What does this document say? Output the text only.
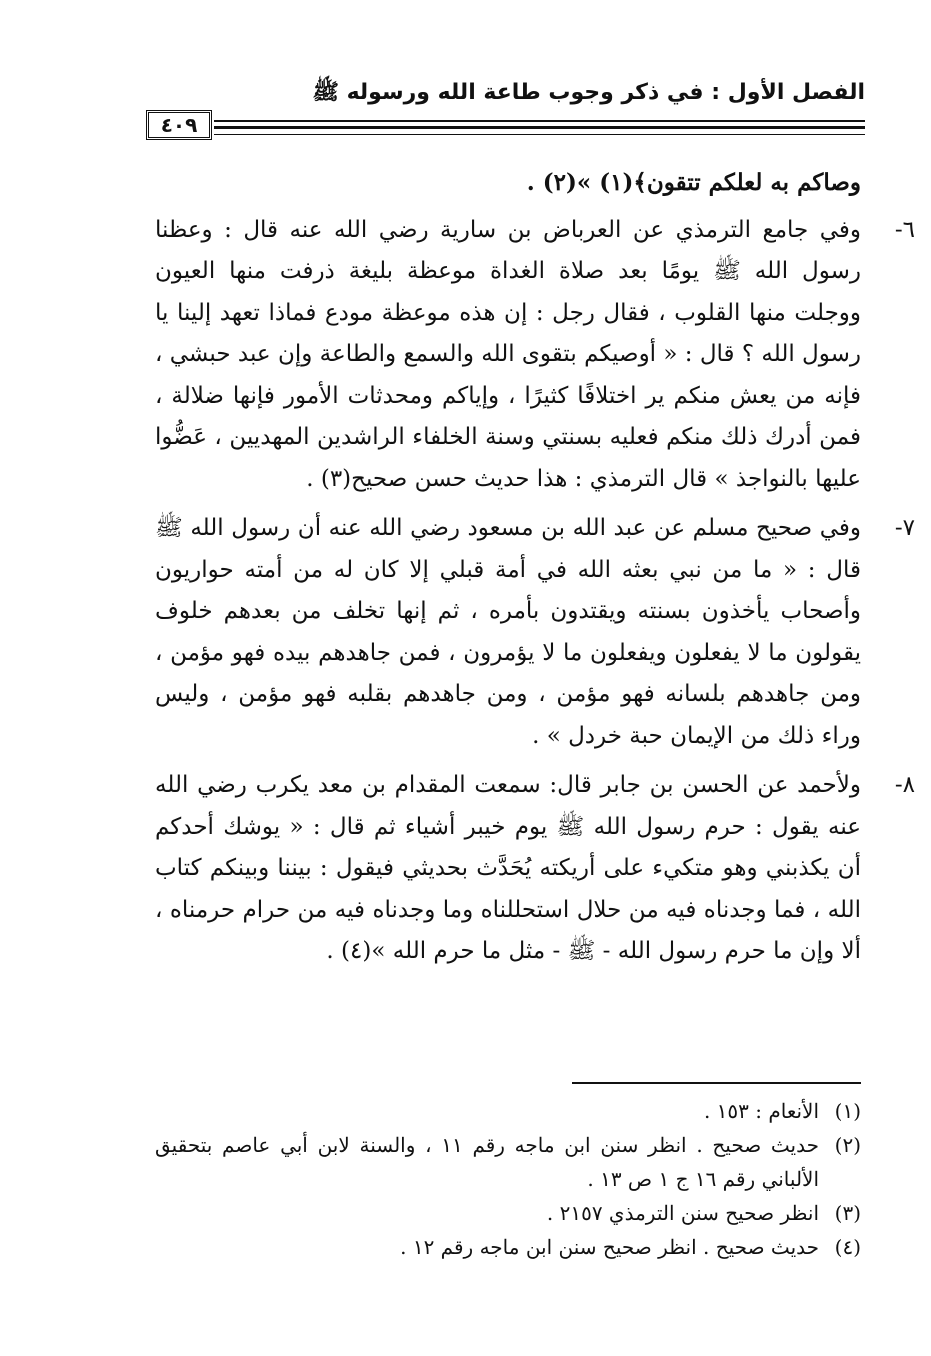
الفصل الأول : في ذكر وجوب طاعة الله ورسوله ﷺ
٤٠٩

وصاكم به لعلكم تتقون﴾(١) »(٢) .

٦-
وفي جامع الترمذي عن العرباض بن سارية رضي الله عنه قال : وعظنا رسول الله ﷺ يومًا بعد صلاة الغداة موعظة بليغة ذرفت منها العيون ووجلت منها القلوب ، فقال رجل : إن هذه موعظة مودع فماذا تعهد إلينا يا رسول الله ؟ قال : « أوصيكم بتقوى الله والسمع والطاعة وإن عبد حبشي ، فإنه من يعش منكم ير اختلافًا كثيرًا ، وإياكم ومحدثات الأمور فإنها ضلالة ، فمن أدرك ذلك منكم فعليه بسنتي وسنة الخلفاء الراشدين المهديين ، عَضُّوا عليها بالنواجذ » قال الترمذي : هذا حديث حسن صحيح(٣) .

٧-
وفي صحيح مسلم عن عبد الله بن مسعود رضي الله عنه أن رسول الله ﷺ قال : « ما من نبي بعثه الله في أمة قبلي إلا كان له من أمته حواريون وأصحاب يأخذون بسنته ويقتدون بأمره ، ثم إنها تخلف من بعدهم خلوف يقولون ما لا يفعلون ويفعلون ما لا يؤمرون ، فمن جاهدهم بيده فهو مؤمن ، ومن جاهدهم بلسانه فهو مؤمن ، ومن جاهدهم بقلبه فهو مؤمن ، وليس وراء ذلك من الإيمان حبة خردل » .

٨-
ولأحمد عن الحسن بن جابر قال: سمعت المقدام بن معد يكرب رضي الله عنه يقول : حرم رسول الله ﷺ يوم خيبر أشياء ثم قال : « يوشك أحدكم أن يكذبني وهو متكيء على أريكته يُحَدَّث بحديثي فيقول : بيننا وبينكم كتاب الله ، فما وجدناه فيه من حلال استحللناه وما وجدناه فيه من حرام حرمناه ، ألا وإن ما حرم رسول الله - ﷺ - مثل ما حرم الله »(٤) .

(١)
الأنعام : ١٥٣ .

(٢)
حديث صحيح . انظر سنن ابن ماجه رقم ١١ ، والسنة لابن أبي عاصم بتحقيق الألباني رقم ١٦ ج ١ ص ١٣ .

(٣)
انظر صحيح سنن الترمذي ٢١٥٧ .

(٤)
حديث صحيح . انظر صحيح سنن ابن ماجه رقم ١٢ .
